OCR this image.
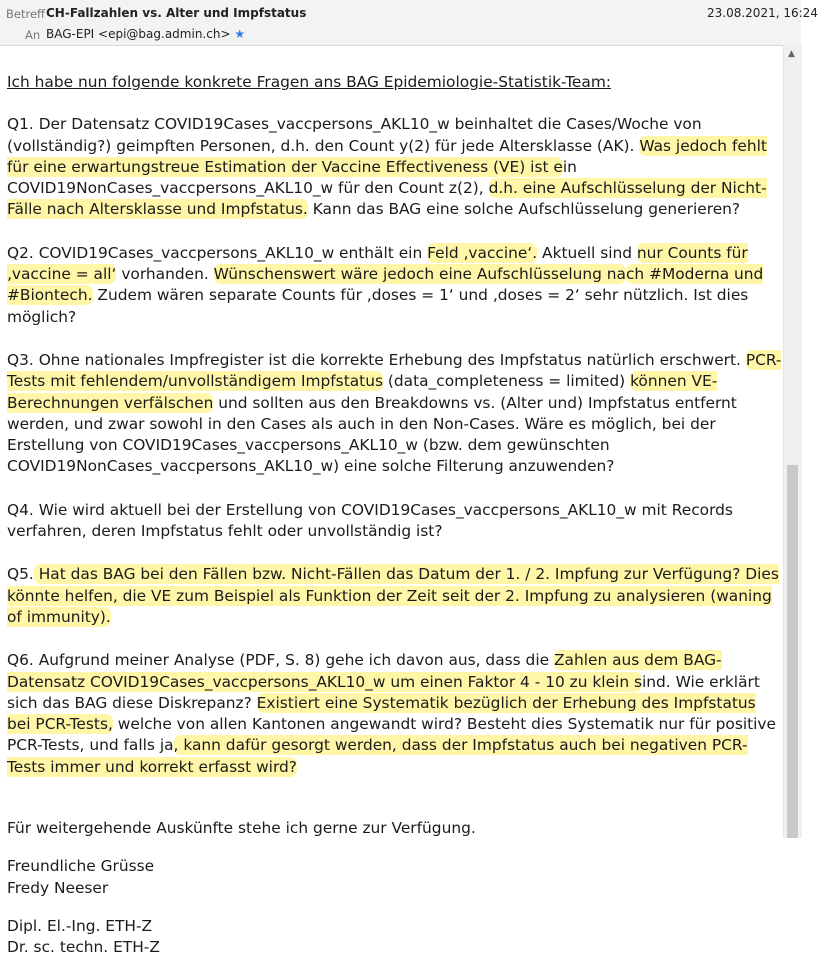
Betreff CH-Fallzahlen vs. Alter und Impfstatus	23.08.2021, 16:24
An BAG-EPI <epi@bag.admin.ch> ★

Ich habe nun folgende konkrete Fragen ans BAG Epidemiologie-Statistik-Team:

Q1. Der Datensatz COVID19Cases_vaccpersons_AKL10_w beinhaltet die Cases/Woche von (vollständig?) geimpften Personen, d.h. den Count y(2) für jede Altersklasse (AK). Was jedoch fehlt für eine erwartungstreue Estimation der Vaccine Effectiveness (VE) ist ein COVID19NonCases_vaccpersons_AKL10_w für den Count z(2), d.h. eine Aufschlüsselung der Nicht-Fälle nach Altersklasse und Impfstatus. Kann das BAG eine solche Aufschlüsselung generieren?

Q2. COVID19Cases_vaccpersons_AKL10_w enthält ein Feld ‚vaccine‘. Aktuell sind nur Counts für ‚vaccine = all‘ vorhanden. Wünschenswert wäre jedoch eine Aufschlüsselung nach #Moderna und #Biontech. Zudem wären separate Counts für ‚doses = 1‘ und ‚doses = 2‘ sehr nützlich. Ist dies möglich?

Q3. Ohne nationales Impfregister ist die korrekte Erhebung des Impfstatus natürlich erschwert. PCR-Tests mit fehlendem/unvollständigem Impfstatus (data_completeness = limited) können VE-Berechnungen verfälschen und sollten aus den Breakdowns vs. (Alter und) Impfstatus entfernt werden, und zwar sowohl in den Cases als auch in den Non-Cases. Wäre es möglich, bei der Erstellung von COVID19Cases_vaccpersons_AKL10_w (bzw. dem gewünschten COVID19NonCases_vaccpersons_AKL10_w) eine solche Filterung anzuwenden?

Q4. Wie wird aktuell bei der Erstellung von COVID19Cases_vaccpersons_AKL10_w mit Records verfahren, deren Impfstatus fehlt oder unvollständig ist?

Q5. Hat das BAG bei den Fällen bzw. Nicht-Fällen das Datum der 1. / 2. Impfung zur Verfügung? Dies könnte helfen, die VE zum Beispiel als Funktion der Zeit seit der 2. Impfung zu analysieren (waning of immunity).

Q6. Aufgrund meiner Analyse (PDF, S. 8) gehe ich davon aus, dass die Zahlen aus dem BAG-Datensatz COVID19Cases_vaccpersons_AKL10_w um einen Faktor 4 - 10 zu klein sind. Wie erklärt sich das BAG diese Diskrepanz? Existiert eine Systematik bezüglich der Erhebung des Impfstatus bei PCR-Tests, welche von allen Kantonen angewandt wird? Besteht dies Systematik nur für positive PCR-Tests, und falls ja, kann dafür gesorgt werden, dass der Impfstatus auch bei negativen PCR-Tests immer und korrekt erfasst wird?

Für weitergehende Auskünfte stehe ich gerne zur Verfügung.

Freundliche Grüsse

Fredy Neeser

Dipl. El.-Ing. ETH-Z

Dr. sc. techn. ETH-Z

▲
